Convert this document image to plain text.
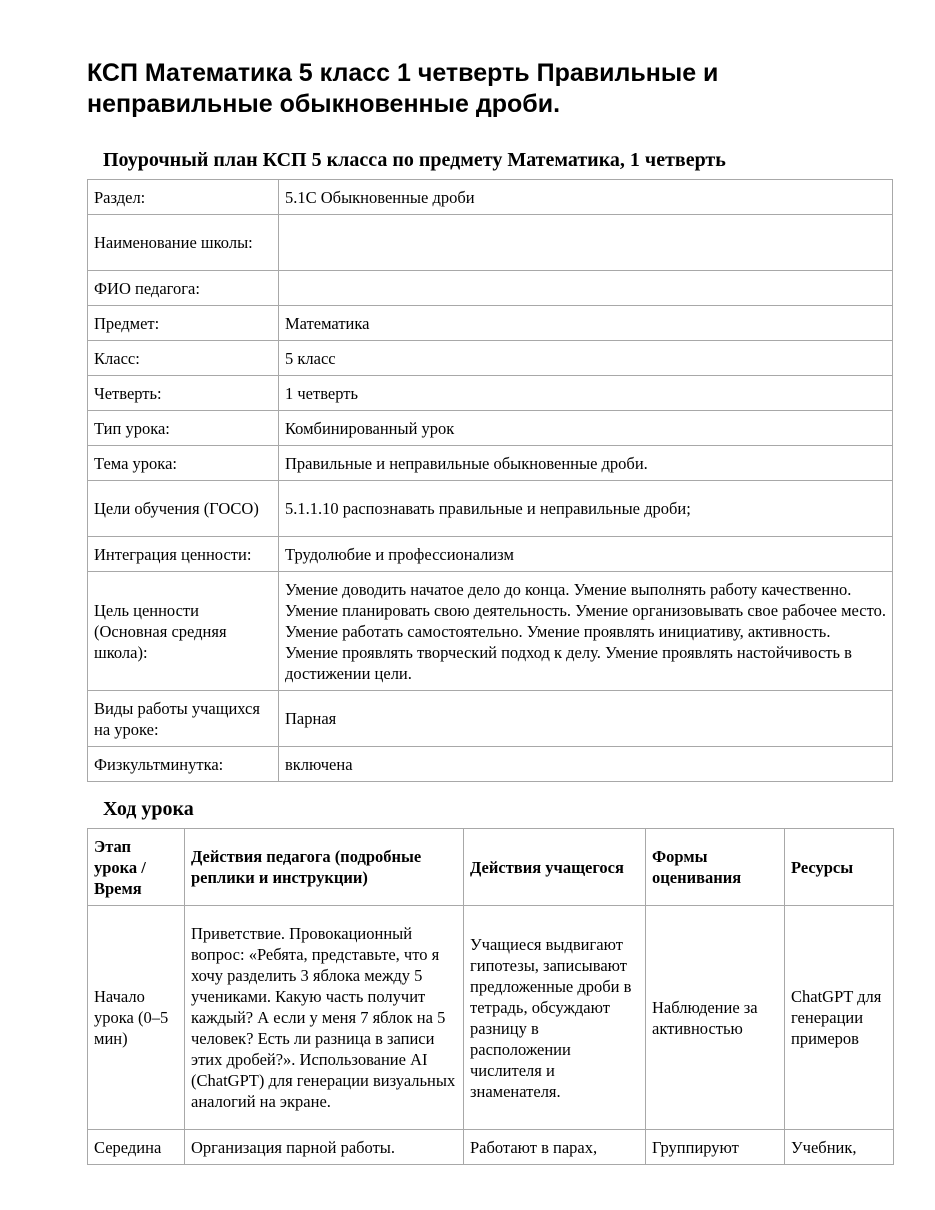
КСП Математика 5 класс 1 четверть Правильные и неправильные обыкновенные дроби.
Поурочный план КСП 5 класса по предмету Математика, 1 четверть
Раздел:	5.1С Обыкновенные дроби
Наименование школы:	
ФИО педагога:	
Предмет:	Математика
Класс:	5 класс
Четверть:	1 четверть
Тип урока:	Комбинированный урок
Тема урока:	Правильные и неправильные обыкновенные дроби.
Цели обучения (ГОСО)	5.1.1.10 распознавать правильные и неправильные дроби;
Интеграция ценности:	Трудолюбие и профессионализм
Цель ценности (Основная средняя школа):	Умение доводить начатое дело до конца. Умение выполнять работу качественно. Умение планировать свою деятельность. Умение организовывать свое рабочее место. Умение работать самостоятельно. Умение проявлять инициативу, активность. Умение проявлять творческий подход к делу. Умение проявлять настойчивость в достижении цели.
Виды работы учащихся на уроке:	Парная
Физкультминутка:	включена
Ход урока
Этап урока / Время	Действия педагога (подробные реплики и инструкции)	Действия учащегося	Формы оценивания	Ресурсы
Начало урока (0–5 мин)	Приветствие. Провокационный вопрос: «Ребята, представьте, что я хочу разделить 3 яблока между 5 учениками. Какую часть получит каждый? А если у меня 7 яблок на 5 человек? Есть ли разница в записи этих дробей?». Использование AI (ChatGPT) для генерации визуальных аналогий на экране.	Учащиеся выдвигают гипотезы, записывают предложенные дроби в тетрадь, обсуждают разницу в расположении числителя и знаменателя.	Наблюдение за активностью	ChatGPT для генерации примеров
Середина	Организация парной работы.	Работают в парах,	Группируют	Учебник,
